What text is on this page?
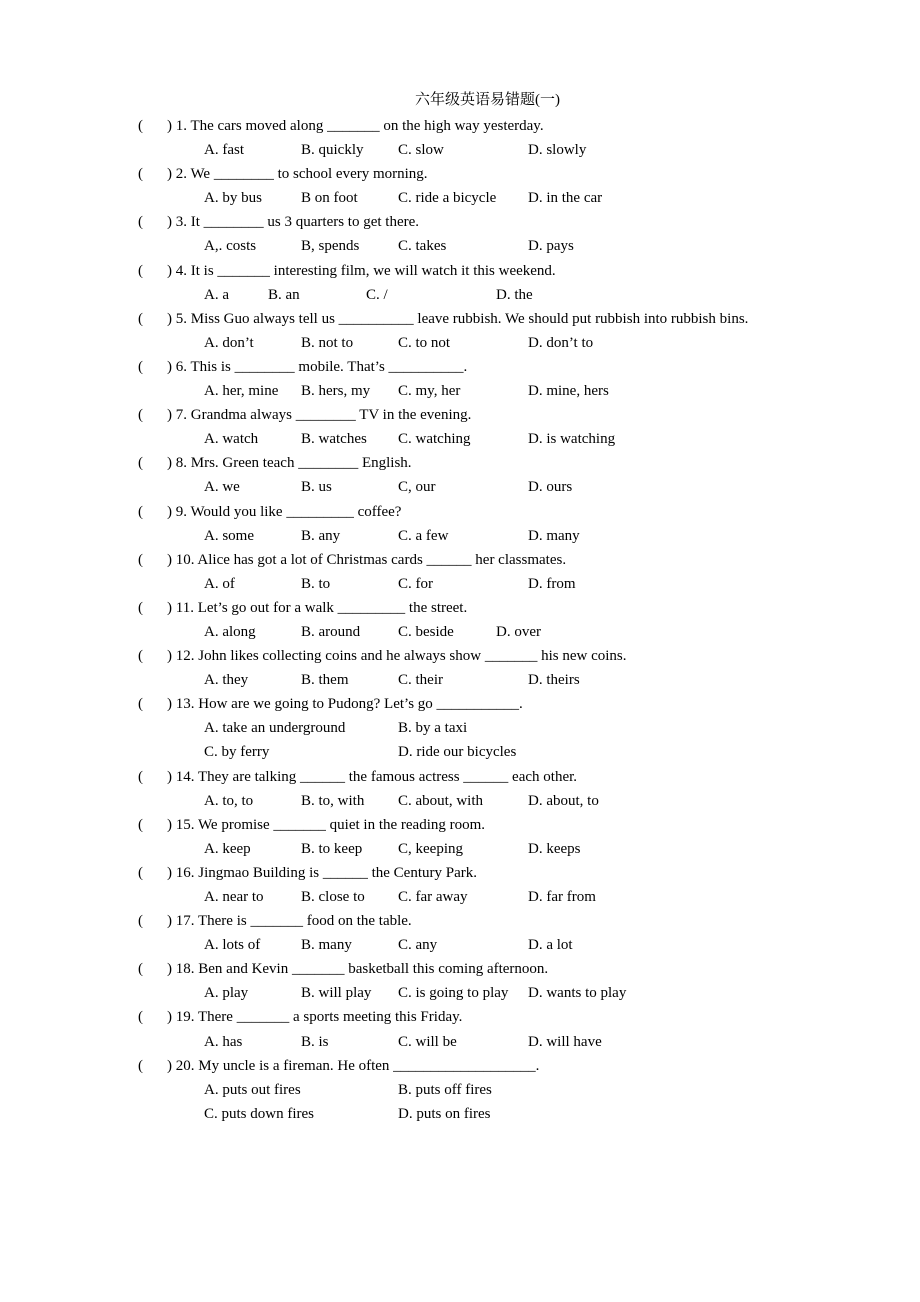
六年级英语易错题(一)
( ) 1. The cars moved along _______ on the high way yesterday.
A. fast	B. quickly C. slow	D. slowly
( ) 2. We ________ to school every morning.
A. by bus	B on foot	C. ride a bicycle D. in the car
( ) 3. It ________ us 3 quarters to get there.
A,. costs	B, spends	C. takes	D. pays
( ) 4. It is _______ interesting film, we will watch it this weekend.
A. a	B. an	C. /	D. the
( ) 5. Miss Guo always tell us __________ leave rubbish. We should put rubbish into rubbish bins.
A. don’t	B. not to	C. to not	D. don’t to
( ) 6. This is ________ mobile. That’s __________.
A. her, mine B. hers, my C. my, her	D. mine, hers
( ) 7. Grandma always ________ TV in the evening.
A. watch	B. watches C. watching	D. is watching
( ) 8. Mrs. Green teach ________ English.
A. we	B. us	C, our	D. ours
( ) 9. Would you like _________ coffee?
A. some	B. any	C. a few	D. many
( ) 10. Alice has got a lot of Christmas cards ______ her classmates.
A. of	B. to	C. for	D. from
( ) 11. Let’s go out for a walk _________ the street.
A. along	B. around	C. beside	D. over
( ) 12. John likes collecting coins and he always show _______ his new coins.
A. they	B. them	C. their	D. theirs
( ) 13. How are we going to Pudong? Let’s go ___________.
A. take an underground	B. by a taxi
C. by ferry	D. ride our bicycles
( ) 14. They are talking ______ the famous actress ______ each other.
A. to, to	B. to, with C. about, with	D. about, to
( ) 15. We promise _______ quiet in the reading room.
A. keep	B. to keep C, keeping	D. keeps
( ) 16. Jingmao Building is ______ the Century Park.
A. near to B. close to C. far away	D. far from
( ) 17. There is _______ food on the table.
A. lots of	B. many	C. any	D. a lot
( ) 18. Ben and Kevin _______ basketball this coming afternoon.
A. play	B. will play C. is going to play D. wants to play
( ) 19. There _______ a sports meeting this Friday.
A. has	B. is	C. will be	D. will have
( ) 20. My uncle is a fireman. He often ___________________.
A. puts out fires	B. puts off fires
C. puts down fires	D. puts on fires
